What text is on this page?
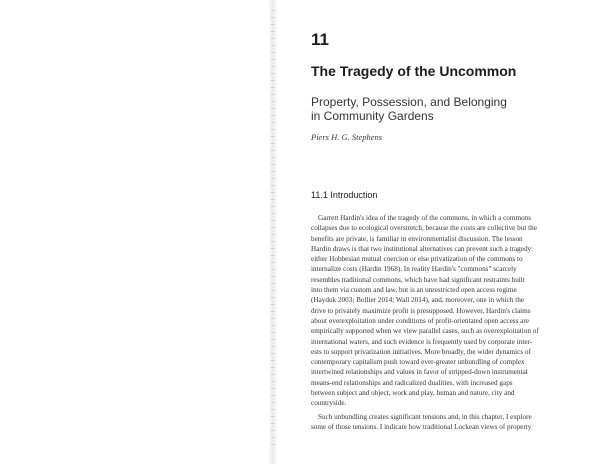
11
The Tragedy of the Uncommon
Property, Possession, and Belonging
in Community Gardens
Piers H. G. Stephens
11.1 Introduction
Garrett Hardin's idea of the tragedy of the commons, in which a commons
collapses due to ecological overstretch, because the costs are collective but the
benefits are private, is familiar in environmentalist discussion. The lesson
Hardin draws is that two institutional alternatives can prevent such a tragedy:
either Hobbesian mutual coercion or else privatization of the commons to
internalize costs (Hardin 1968). In reality Hardin's "commons" scarcely
resembles traditional commons, which have had significant restraints built
into them via custom and law, but is an unrestricted open access regime
(Hayduk 2003; Bollier 2014; Wall 2014), and, moreover, one in which the
drive to privately maximize profit is presupposed. However, Hardin's claims
about overexploitation under conditions of profit-orientated open access are
empirically supported when we view parallel cases, such as overexploitation of
international waters, and such evidence is frequently used by corporate inter-
ests to support privatization initiatives. More broadly, the wider dynamics of
contemporary capitalism push toward ever-greater unbundling of complex
intertwined relationships and values in favor of stripped-down instrumental
means-end relationships and radicalized dualities, with increased gaps
between subject and object, work and play, human and nature, city and
countryside.
Such unbundling creates significant tensions and, in this chapter, I explore
some of those tensions. I indicate how traditional Lockean views of property
